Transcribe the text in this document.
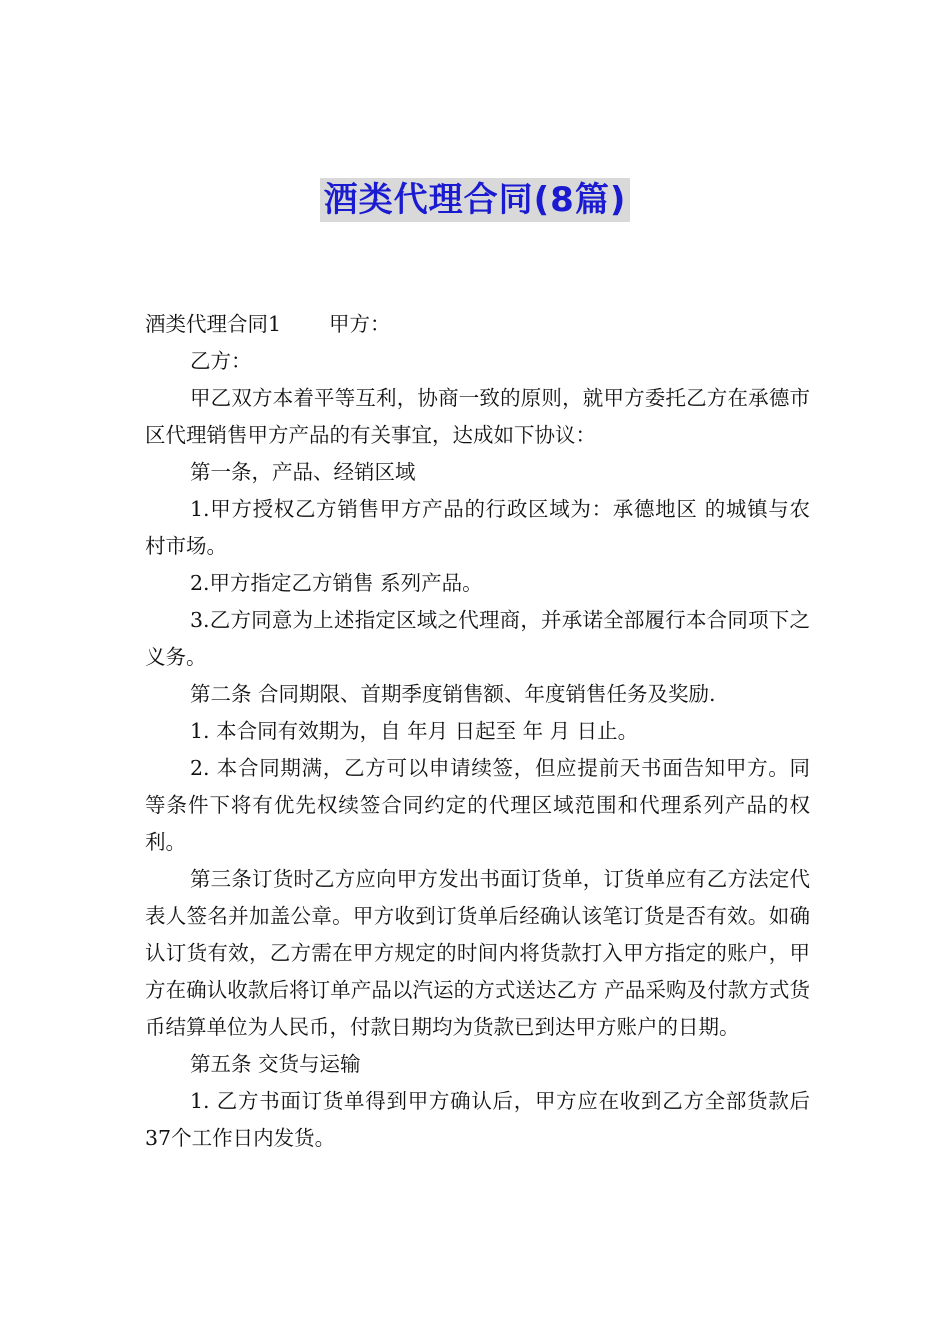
酒类代理合同(8篇)

酒类代理合同1 甲方：

乙方：

甲乙双方本着平等互利，协商一致的原则，就甲方委托乙方在承德市区代理销售甲方产品的有关事宜，达成如下协议：

第一条，产品、经销区域

1.甲方授权乙方销售甲方产品的行政区域为：承德地区 的城镇与农村市场。

2.甲方指定乙方销售 系列产品。

3.乙方同意为上述指定区域之代理商，并承诺全部履行本合同项下之义务。

第二条 合同期限、首期季度销售额、年度销售任务及奖励.

1. 本合同有效期为，自 年月 日起至 年 月 日止。

2. 本合同期满，乙方可以申请续签，但应提前天书面告知甲方。同等条件下将有优先权续签合同约定的代理区域范围和代理系列产品的权利。

第三条订货时乙方应向甲方发出书面订货单，订货单应有乙方法定代表人签名并加盖公章。甲方收到订货单后经确认该笔订货是否有效。如确认订货有效，乙方需在甲方规定的时间内将货款打入甲方指定的账户，甲方在确认收款后将订单产品以汽运的方式送达乙方 产品采购及付款方式货币结算单位为人民币，付款日期均为货款已到达甲方账户的日期。

第五条 交货与运输

1. 乙方书面订货单得到甲方确认后，甲方应在收到乙方全部货款后37个工作日内发货。
